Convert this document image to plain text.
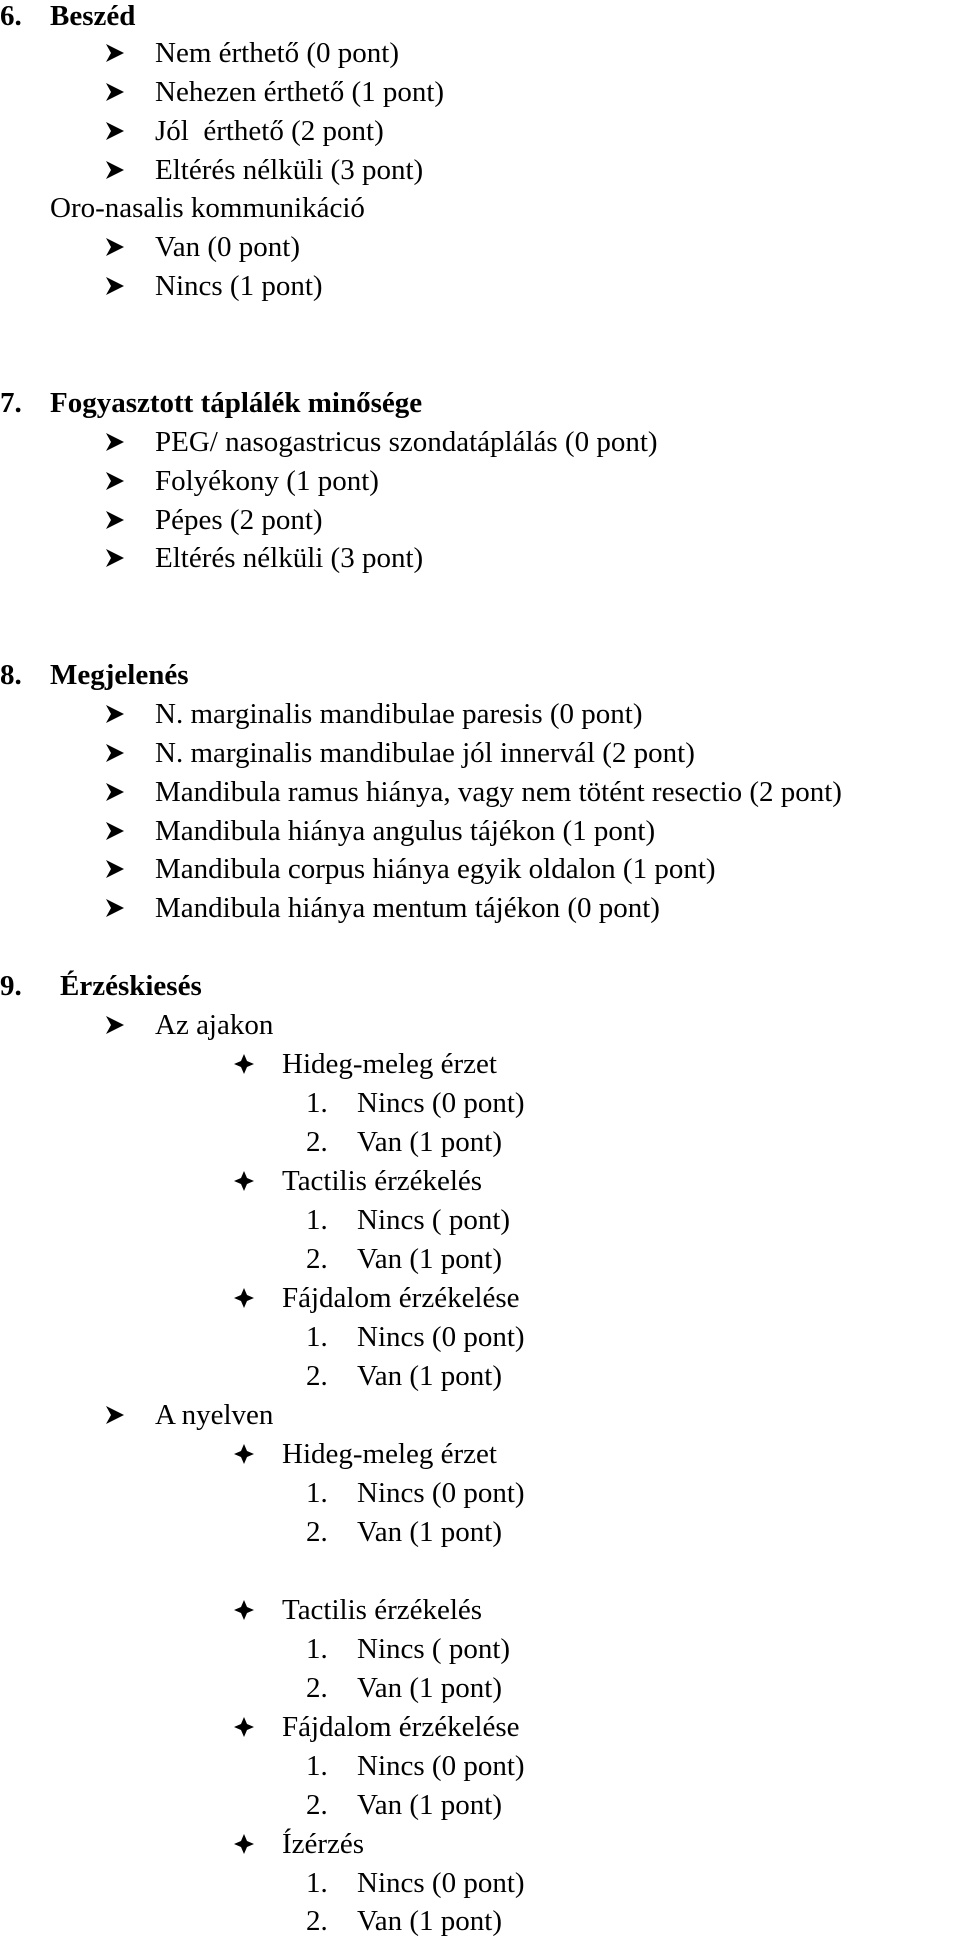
6. Beszéd
Nem érthető (0 pont)
Nehezen érthető (1 pont)
Jól  érthető (2 pont)
Eltérés nélküli (3 pont)
Oro-nasalis kommunikáció
Van (0 pont)
Nincs (1 pont)
7. Fogyasztott táplálék minősége
PEG/ nasogastricus szondatáplálás (0 pont)
Folyékony (1 pont)
Pépes (2 pont)
Eltérés nélküli (3 pont)
8. Megjelenés
N. marginalis mandibulae paresis (0 pont)
N. marginalis mandibulae jól innervál (2 pont)
Mandibula ramus hiánya, vagy nem tötént resectio (2 pont)
Mandibula hiánya angulus tájékon (1 pont)
Mandibula corpus hiánya egyik oldalon (1 pont)
Mandibula hiánya mentum tájékon (0 pont)
9. Érzéskiesés
Az ajakon
Hideg-meleg érzet
1. Nincs (0 pont)
2. Van (1 pont)
Tactilis érzékelés
1. Nincs ( pont)
2. Van (1 pont)
Fájdalom érzékelése
1. Nincs (0 pont)
2. Van (1 pont)
A nyelven
Hideg-meleg érzet
1. Nincs (0 pont)
2. Van (1 pont)
Tactilis érzékelés
1. Nincs ( pont)
2. Van (1 pont)
Fájdalom érzékelése
1. Nincs (0 pont)
2. Van (1 pont)
Ízérzés
1. Nincs (0 pont)
2. Van (1 pont)
